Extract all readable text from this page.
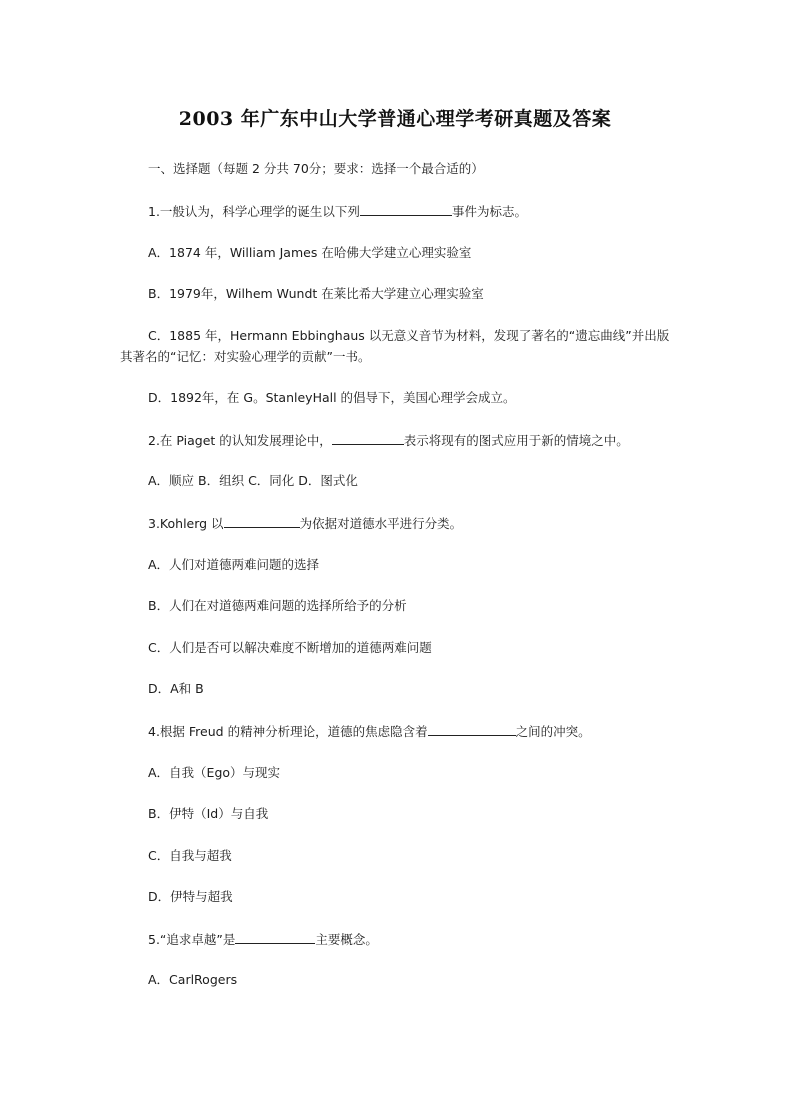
2003 年广东中山大学普通心理学考研真题及答案
一、选择题（每题 2 分共 70分；要求：选择一个最合适的）
1.一般认为，科学心理学的诞生以下列	事件为标志。
A．1874 年，William James 在哈佛大学建立心理实验室
B．1979年，Wilhem Wundt 在莱比希大学建立心理实验室
C．1885 年，Hermann Ebbinghaus 以无意义音节为材料，发现了著名的“遗忘曲线”并出版其著名的“记忆：对实验心理学的贡献”一书。
D．1892年，在 G。StanleyHall 的倡导下，美国心理学会成立。
2.在 Piaget 的认知发展理论中，	表示将现有的图式应用于新的情境之中。
A．顺应 B．组织 C．同化 D．图式化
3.Kohlerg 以	为依据对道德水平进行分类。
A．人们对道德两难问题的选择
B．人们在对道德两难问题的选择所给予的分析
C．人们是否可以解决难度不断增加的道德两难问题
D．A和 B
4.根据 Freud 的精神分析理论，道德的焦虑隐含着	之间的冲突。
A．自我（Ego）与现实
B．伊特（Id）与自我
C．自我与超我
D．伊特与超我
5.“追求卓越”是	主要概念。
A．CarlRogers
